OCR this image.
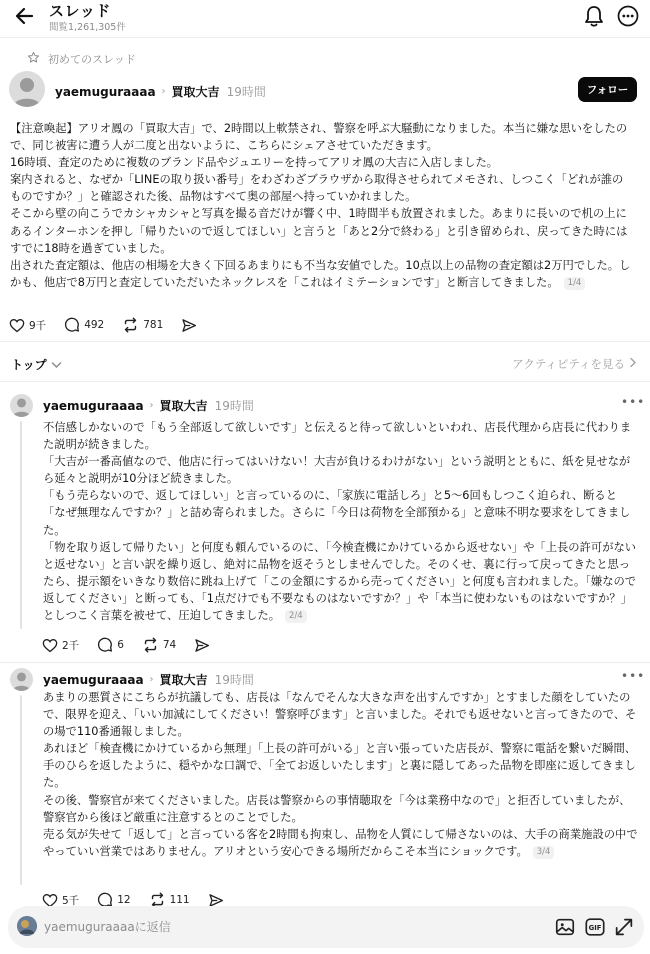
スレッド
閲覧1,261,305件
初めてのスレッド
yaemuguraaaa › 買取大吉 19時間	フォロー

【注意喚起】アリオ鳳の「買取大吉」で、2時間以上軟禁され、警察を呼ぶ大騒動になりました。本当に嫌な思いをしたので、同じ被害に遭う人が二度と出ないように、こちらにシェアさせていただきます。
16時頃、査定のために複数のブランド品やジュエリーを持ってアリオ鳳の大吉に入店しました。
案内されると、なぜか「LINEの取り扱い番号」をわざわざブラウザから取得させられてメモされ、しつこく「どれが誰のものですか？」と確認された後、品物はすべて奥の部屋へ持っていかれました。
そこから壁の向こうでカシャカシャと写真を撮る音だけが響く中、1時間半も放置されました。あまりに長いので机の上にあるインターホンを押し「帰りたいので返してほしい」と言うと「あと2分で終わる」と引き留められ、戻ってきた時にはすでに18時を過ぎていました。
出された査定額は、他店の相場を大きく下回るあまりにも不当な安値でした。10点以上の品物の査定額は2万円でした。しかも、他店で8万円と査定していただいたネックレスを「これはイミテーションです」と断言してきました。 1/4

9千	492	781
トップ	アクティビティを見る
yaemuguraaaa › 買取大吉 19時間	•••

不信感しかないので「もう全部返して欲しいです」と伝えると待って欲しいといわれ、店長代理から店長に代わりまた説明が続きました。
「大吉が一番高値なので、他店に行ってはいけない！大吉が負けるわけがない」という説明とともに、紙を見せながら延々と説明が10分ほど続きました。
「もう売らないので、返してほしい」と言っているのに、「家族に電話しろ」と5〜6回もしつこく迫られ、断ると「なぜ無理なんですか？」と詰め寄られました。さらに「今日は荷物を全部預かる」と意味不明な要求をしてきました。
「物を取り返して帰りたい」と何度も頼んでいるのに、「今検査機にかけているから返せない」や「上長の許可がないと返せない」と言い訳を繰り返し、絶対に品物を返そうとしませんでした。そのくせ、裏に行って戻ってきたと思ったら、提示額をいきなり数倍に跳ね上げて「この金額にするから売ってください」と何度も言われました。「嫌なので返してください」と断っても、「1点だけでも不要なものはないですか？」や「本当に使わないものはないですか？」としつこく言葉を被せて、圧迫してきました。 2/4

2千	6	74
yaemuguraaaa › 買取大吉 19時間	•••

あまりの悪質さにこちらが抗議しても、店長は「なんでそんな大きな声を出すんですか」とすました顔をしていたので、限界を迎え、「いい加減にしてください！警察呼びます」と言いました。それでも返せないと言ってきたので、その場で110番通報しました。
あれほど「検査機にかけているから無理」「上長の許可がいる」と言い張っていた店長が、警察に電話を繋いだ瞬間、手のひらを返したように、穏やかな口調で、「全てお返しいたします」と裏に隠してあった品物を即座に返してきました。
その後、警察官が来てくださいました。店長は警察からの事情聴取を「今は業務中なので」と拒否していましたが、警察官から後ほど厳重に注意するとのことでした。
売る気が失せて「返して」と言っている客を2時間も拘束し、品物を人質にして帰さないのは、大手の商業施設の中でやっていい営業ではありません。アリオという安心できる場所だからこそ本当にショックです。 3/4

5千	12	111
yaemuguraaaaに返信
GIF
